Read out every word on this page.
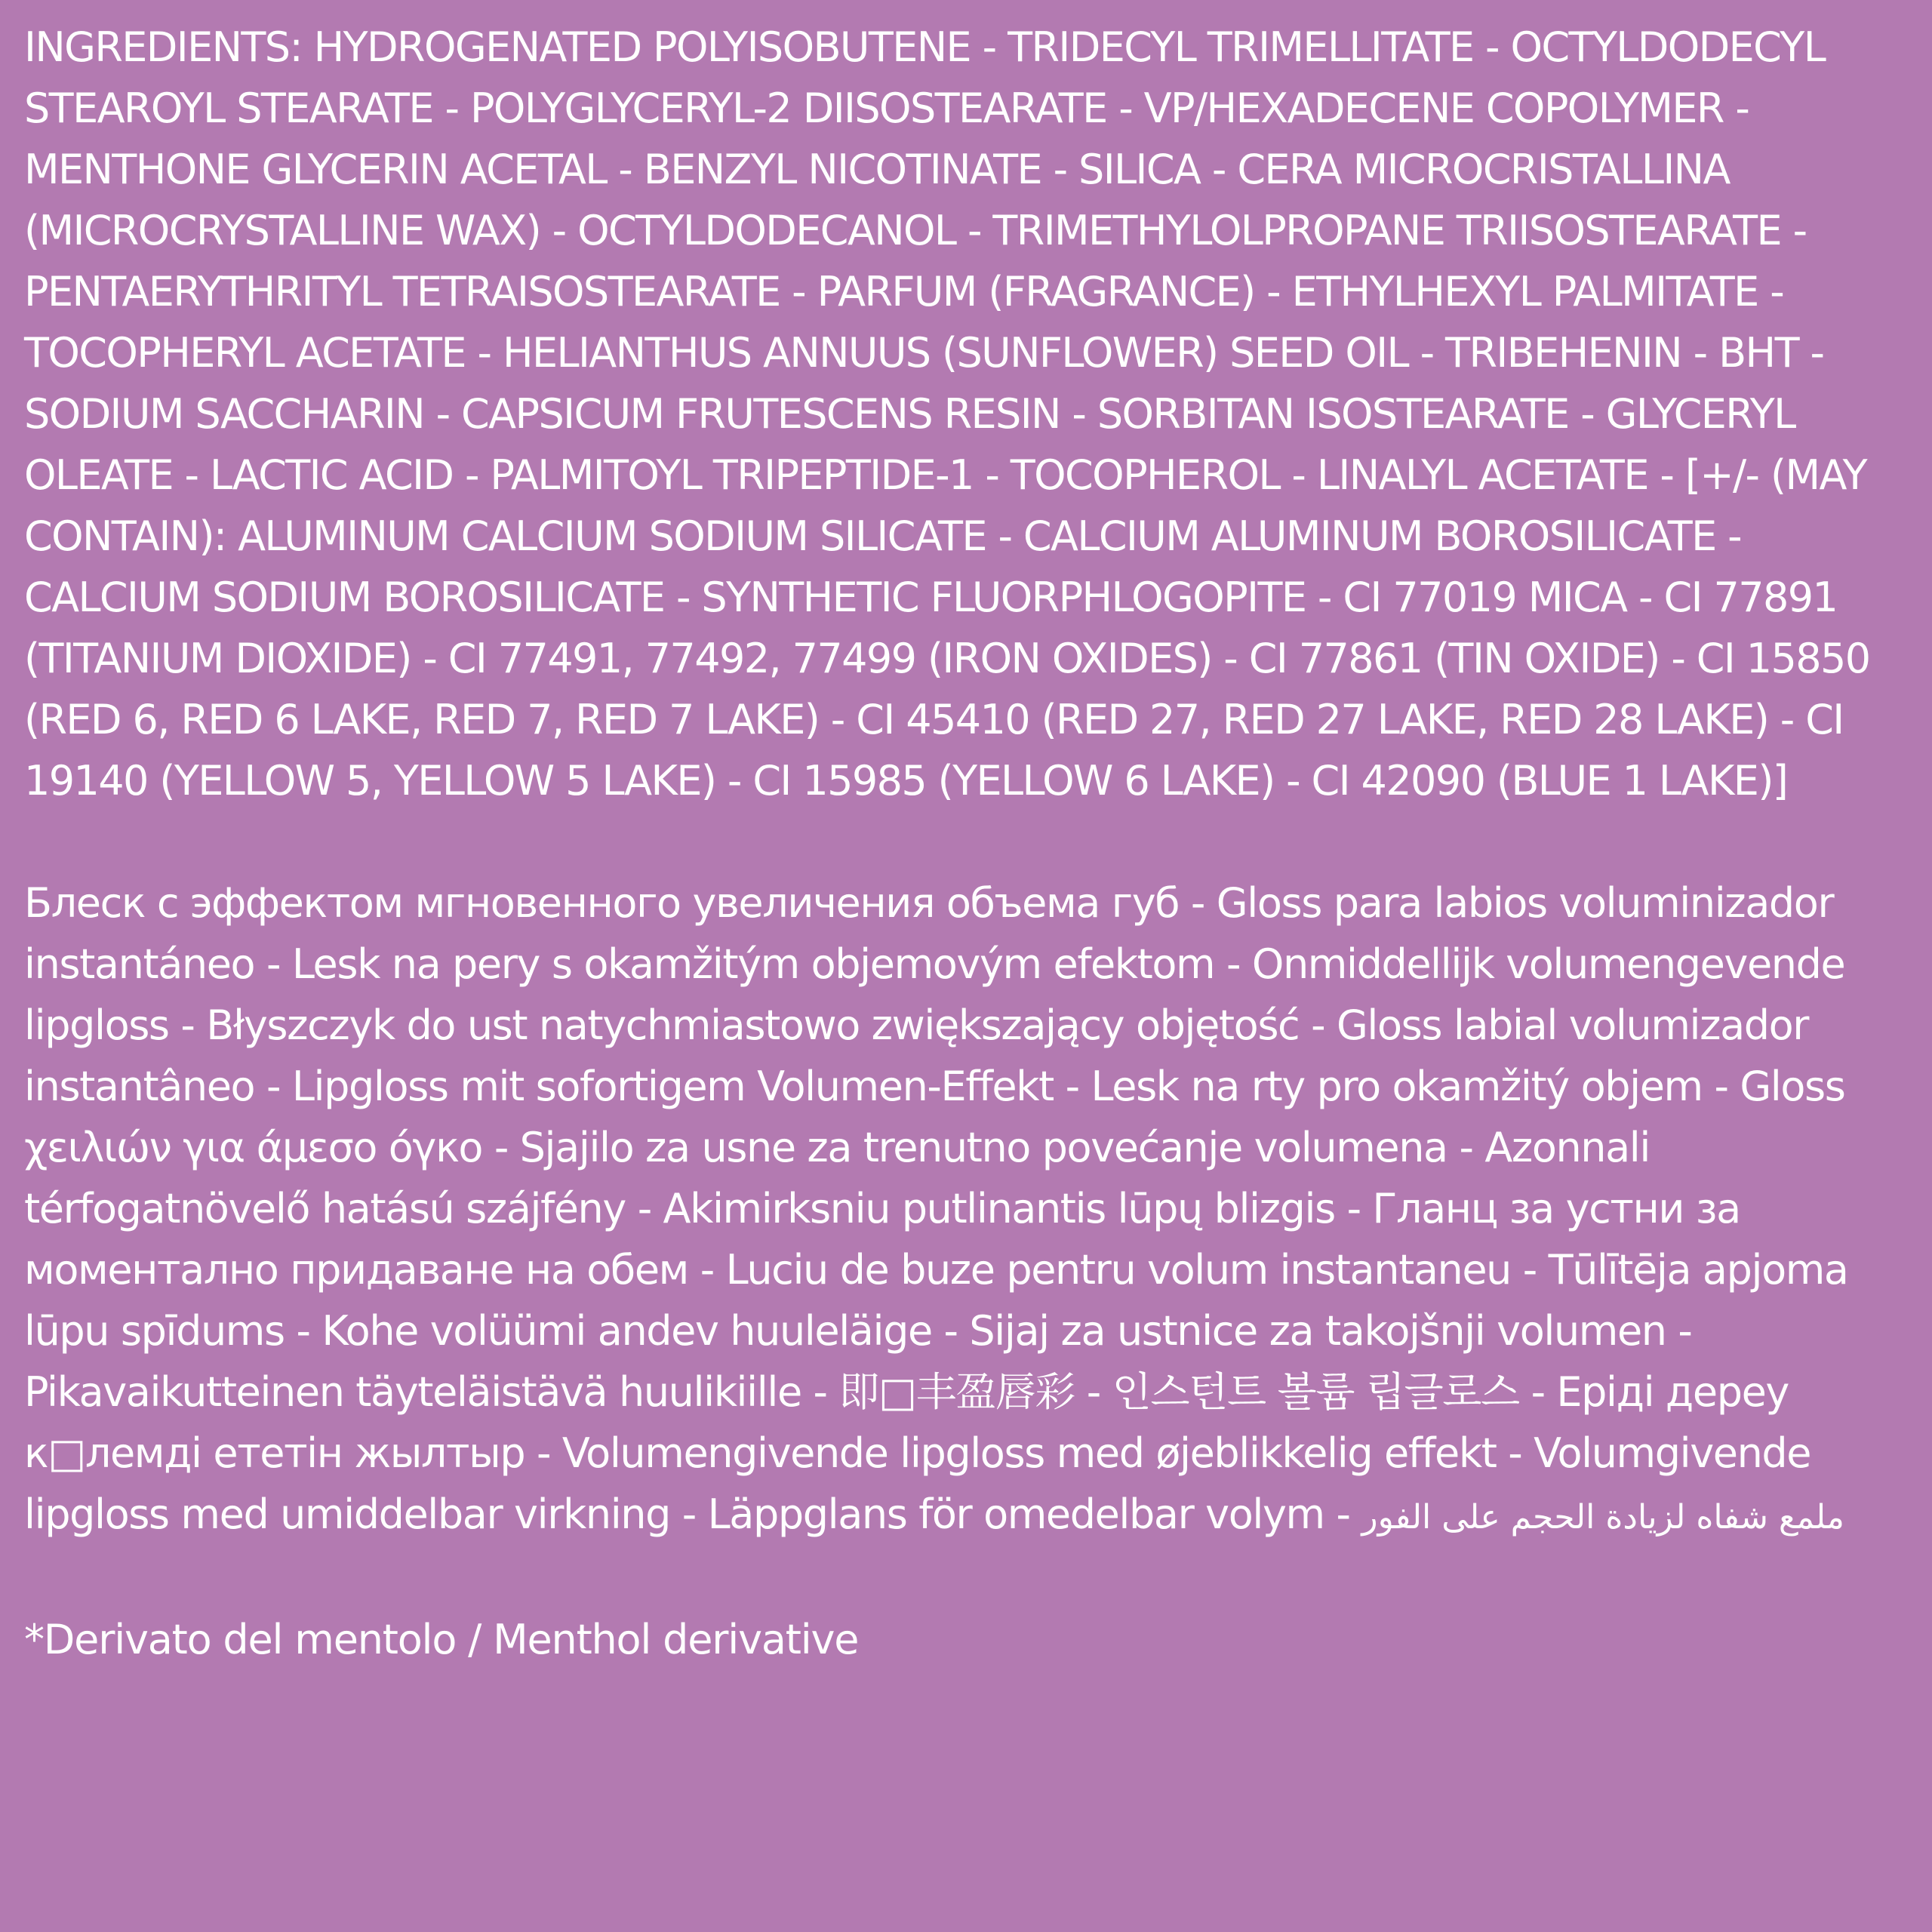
INGREDIENTS: HYDROGENATED POLYISOBUTENE - TRIDECYL TRIMELLITATE - OCTYLDODECYL STEAROYL STEARATE - POLYGLYCERYL-2 DIISOSTEARATE - VP/HEXADECENE COPOLYMER - MENTHONE GLYCERIN ACETAL - BENZYL NICOTINATE - SILICA - CERA MICROCRISTALLINA (MICROCRYSTALLINE WAX) - OCTYLDODECANOL - TRIMETHYLOLPROPANE TRIISOSTEARATE - PENTAERYTHRITYL TETRAISOSTEARATE - PARFUM (FRAGRANCE) - ETHYLHEXYL PALMITATE - TOCOPHERYL ACETATE - HELIANTHUS ANNUUS (SUNFLOWER) SEED OIL - TRIBEHENIN - BHT - SODIUM SACCHARIN - CAPSICUM FRUTESCENS RESIN - SORBITAN ISOSTEARATE - GLYCERYL OLEATE - LACTIC ACID - PALMITOYL TRIPEPTIDE-1 - TOCOPHEROL - LINALYL ACETATE - [+/- (MAY CONTAIN): ALUMINUM CALCIUM SODIUM SILICATE - CALCIUM ALUMINUM BOROSILICATE - CALCIUM SODIUM BOROSILICATE - SYNTHETIC FLUORPHLOGOPITE - CI 77019 MICA - CI 77891 (TITANIUM DIOXIDE) - CI 77491, 77492, 77499 (IRON OXIDES) - CI 77861 (TIN OXIDE) - CI 15850 (RED 6, RED 6 LAKE, RED 7, RED 7 LAKE) - CI 45410 (RED 27, RED 27 LAKE, RED 28 LAKE) - CI 19140 (YELLOW 5, YELLOW 5 LAKE) - CI 15985 (YELLOW 6 LAKE) - CI 42090 (BLUE 1 LAKE)]

Блеск с эффектом мгновенного увеличения объема губ - Gloss para labios voluminizador instantáneo - Lesk na pery s okamžitým objemovým efektom - Onmiddellijk volumengevende lipgloss - Błyszczyk do ust natychmiastowo zwiększający objętość - Gloss labial volumizador instantâneo - Lipgloss mit sofortigem Volumen-Effekt - Lesk na rty pro okamžitý objem - Gloss χειλιών για άμεσο όγκο - Sjajilo za usne za trenutno povećanje volumena - Azonnali térfogatnövelő hatású szájfény - Akimirksniu putlinantis lūpų blizgis - Гланц за устни за моментално придаване на обем - Luciu de buze pentru volum instantaneu - Tūlītēja apjoma lūpu spīdums - Kohe volüümi andev huuleläige - Sijaj za ustnice za takojšnji volumen - Pikavaikutteinen täyteläistävä huulikiille - 即□丰盈唇彩 - 인스턴트 볼륨 립글로스 - Еріді дереу к□лемді ететін жылтыр - Volumengivende lipgloss med øjeblikkelig effekt - Volumgivende lipgloss med umiddelbar virkning - Läppglans för omedelbar volym - ملمع شفاه لزيادة الحجم على الفور

*Derivato del mentolo / Menthol derivative
